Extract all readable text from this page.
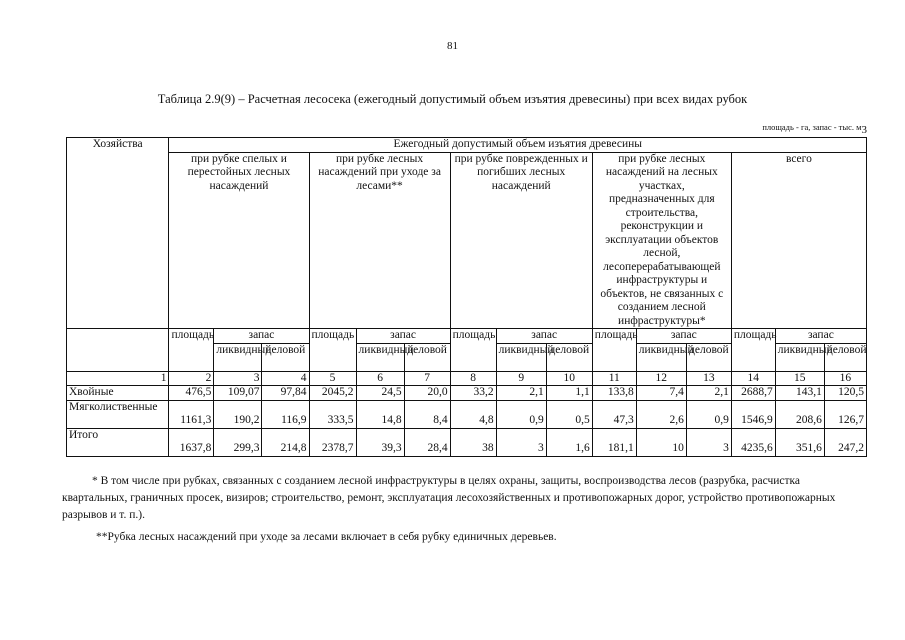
81
Таблица 2.9(9) – Расчетная лесосека (ежегодный допустимый объем изъятия древесины) при всех видах рубок
площадь - га, запас - тыс. м3
Хозяйства	Ежегодный допустимый объем изъятия древесины														
	при рубке спелых и перестойных лесных насаждений			при рубке лесных насаждений при уходе за лесами**			при рубке поврежденных и погибших лесных насаждений			при рубке лесных насаждений на лесных участках, предназначенных для строительства, реконструкции и эксплуатации объектов лесной, лесоперерабатывающей инфраструктуры и объектов, не связанных с созданием лесной инфраструктуры*			всего		
	площадь	запас		площадь	запас		площадь	запас		площадь	запас		площадь	запас	
		ликвидный	деловой		ликвидный	деловой		ликвидный	деловой		ликвидный	деловой		ликвидный	деловой
1	2	3	4	5	6	7	8	9	10	11	12	13	14	15	16
Хвойные	476,5	109,07	97,84	2045,2	24,5	20,0	33,2	2,1	1,1	133,8	7,4	2,1	2688,7	143,1	120,5
Мягколиственные	1161,3	190,2	116,9	333,5	14,8	8,4	4,8	0,9	0,5	47,3	2,6	0,9	1546,9	208,6	126,7
Итого	1637,8	299,3	214,8	2378,7	39,3	28,4	38	3	1,6	181,1	10	3	4235,6	351,6	247,2
* В том числе при рубках, связанных с созданием лесной инфраструктуры в целях охраны, защиты, воспроизводства лесов (разрубка, расчистка квартальных, граничных просек, визиров; строительство, ремонт, эксплуатация лесохозяйственных и противопожарных дорог, устройство противопожарных разрывов и т. п.).
**Рубка лесных насаждений при уходе за лесами включает в себя рубку единичных деревьев.
